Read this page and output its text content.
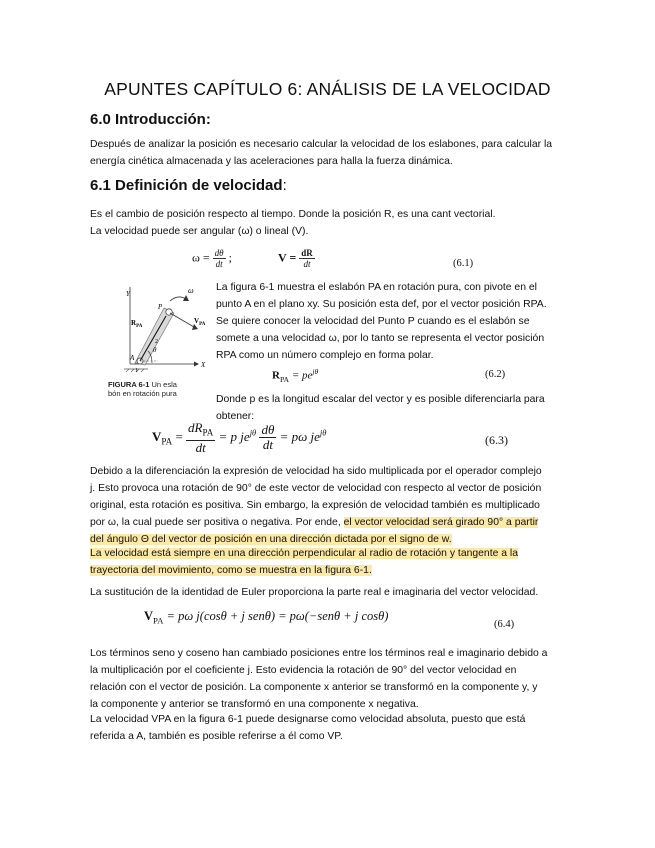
APUNTES CAPÍTULO 6: ANÁLISIS DE LA VELOCIDAD
6.0 Introducción:
Después de analizar la posición es necesario calcular la velocidad de los eslabones, para calcular la
energía cinética almacenada y las aceleraciones para halla la fuerza dinámica.
6.1 Definición de velocidad:
Es el cambio de posición respecto al tiempo. Donde la posición R, es una cant vectorial.
La velocidad puede ser angular (ω) o lineal (V).
$\omega = \frac{d\theta}{dt}$ ;	$V = \frac{dR}{dt}$	(6.1)
Y	ω
$R_{PA}$
$V_{PA}$
P
A
θ
X
1
2
FIGURA 6-1 Un esla
bón en rotación pura
La figura 6-1 muestra el eslabón PA en rotación pura, con pivote en el
punto A en el plano xy. Su posición esta def, por el vector posición RPA.
Se quiere conocer la velocidad del Punto P cuando es el eslabón se
somete a una velocidad ω, por lo tanto se representa el vector posición
RPA como un número complejo en forma polar.
$R_{PA} = pe^{j\theta}$	(6.2)
Donde p es la longitud escalar del vector y es posible diferenciarla para
obtener:
$V_{PA}$ =
$dR_{PA}$
dt
= p $je^{j\theta} \frac{d\theta}{dt} = p\omega$ $je^{j\theta}$
(6.3)
Debido a la diferenciación la expresión de velocidad ha sido multiplicada por el operador complejo
j. Esto provoca una rotación de 90° de este vector de velocidad con respecto al vector de posición
original, esta rotación es positiva. Sin embargo, la expresión de velocidad también es multiplicado
por ω, la cual puede ser positiva o negativa. Por ende, el vector velocidad será girado 90° a partir
del ángulo Θ del vector de posición en una dirección dictada por el signo de w.
La velocidad está siempre en una dirección perpendicular al radio de rotación y tangente a la
trayectoria del movimiento, como se muestra en la figura 6-1.
La sustitución de la identidad de Euler proporciona la parte real e imaginaria del vector velocidad.
$V_{PA} = p\omega$ j(cosθ + j senθ) = pω(−senθ + j cosθ)
(6.4)
Los términos seno y coseno han cambiado posiciones entre los términos real e imaginario debido a
la multiplicación por el coeficiente j. Esto evidencia la rotación de 90° del vector velocidad en
relación con el vector de posición. La componente x anterior se transformó en la componente y, y
la componente y anterior se transformó en una componente x negativa.
La velocidad VPA en la figura 6-1 puede designarse como velocidad absoluta, puesto que está
referida a A, también es posible referirse a él como VP.
